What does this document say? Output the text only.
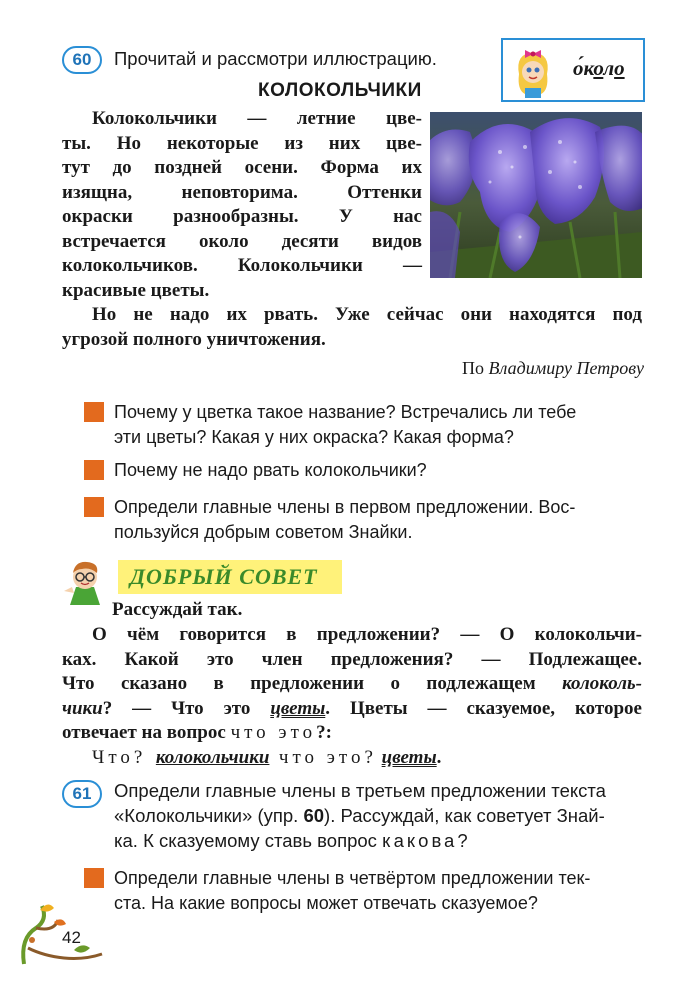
60	Прочитай и рассмотри иллюстрацию.	около
КОЛОКОЛЬЧИКИ
Колокольчики — летние цве-
ты. Но некоторые из них цве-
тут до поздней осени. Форма их
изящна, неповторима. Оттенки
окраски разнообразны. У нас
встречается около десяти видов
колокольчиков. Колокольчики —
красивые цветы.
Но не надо их рвать. Уже сейчас они находятся под
угрозой полного уничтожения.
По Владимиру Петрову
Почему у цветка такое название? Встречались ли тебе
эти цветы? Какая у них окраска? Какая форма?
Почему не надо рвать колокольчики?
Определи главные члены в первом предложении. Вос-
пользуйся добрым советом Знайки.
ДОБРЫЙ СОВЕТ
Рассуждай так.
О чём говорится в предложении? — О колокольчи-
ках. Какой это член предложения? — Подлежащее.
Что сказано в предложении о подлежащем колоколь-
чики? — Что это цветы. Цветы — сказуемое, которое
отвечает на вопрос что это?:
Что? колокольчики что это? цветы.
61	Определи главные члены в третьем предложении текста
«Колокольчики» (упр. 60). Рассуждай, как советует Знай-
ка. К сказуемому ставь вопрос какова?
Определи главные члены в четвёртом предложении тек-
ста. На какие вопросы может отвечать сказуемое?
42
